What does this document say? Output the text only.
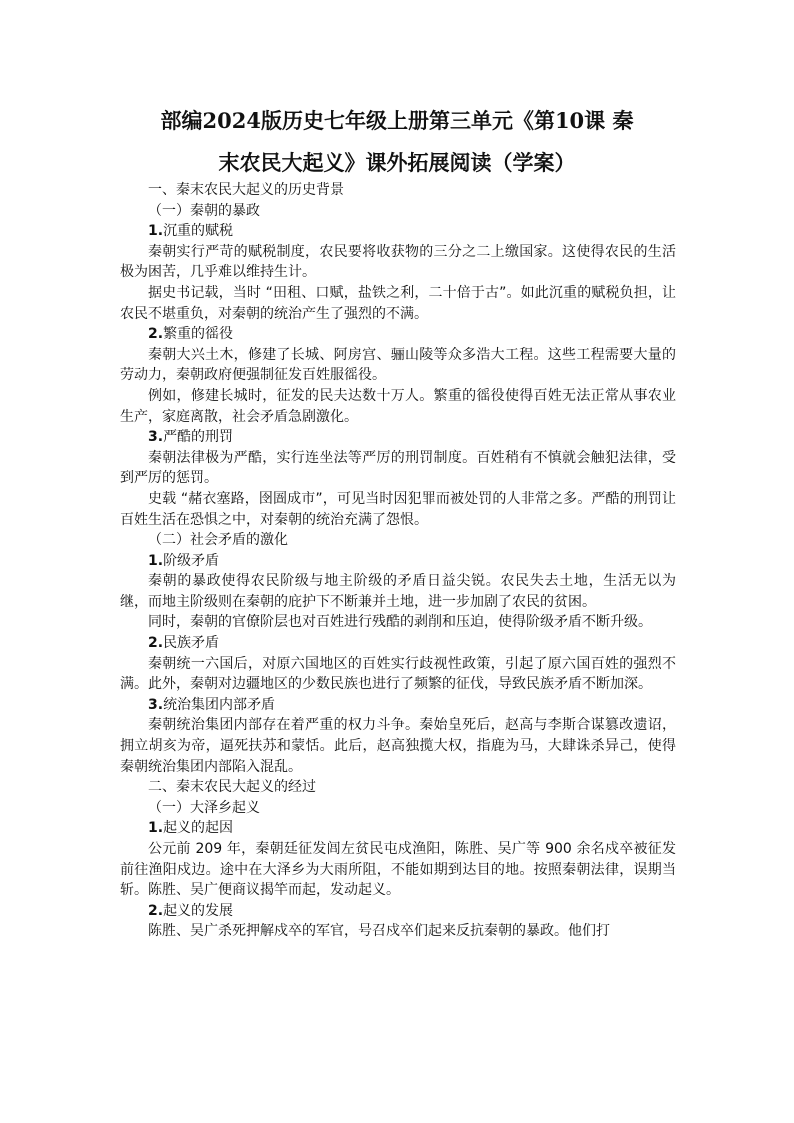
部编2024版历史七年级上册第三单元《第10课 秦
末农民大起义》课外拓展阅读（学案）

一、秦末农民大起义的历史背景

（一）秦朝的暴政

1.沉重的赋税

秦朝实行严苛的赋税制度，农民要将收获物的三分之二上缴国家。这使得农民的生活极为困苦，几乎难以维持生计。

据史书记载，当时 “田租、口赋，盐铁之利，二十倍于古”。如此沉重的赋税负担，让农民不堪重负，对秦朝的统治产生了强烈的不满。

2.繁重的徭役

秦朝大兴土木，修建了长城、阿房宫、骊山陵等众多浩大工程。这些工程需要大量的劳动力，秦朝政府便强制征发百姓服徭役。

例如，修建长城时，征发的民夫达数十万人。繁重的徭役使得百姓无法正常从事农业生产，家庭离散，社会矛盾急剧激化。

3.严酷的刑罚

秦朝法律极为严酷，实行连坐法等严厉的刑罚制度。百姓稍有不慎就会触犯法律，受到严厉的惩罚。

史载 “赭衣塞路，囹圄成市”，可见当时因犯罪而被处罚的人非常之多。严酷的刑罚让百姓生活在恐惧之中，对秦朝的统治充满了怨恨。

（二）社会矛盾的激化

1.阶级矛盾

秦朝的暴政使得农民阶级与地主阶级的矛盾日益尖锐。农民失去土地，生活无以为继，而地主阶级则在秦朝的庇护下不断兼并土地，进一步加剧了农民的贫困。

同时，秦朝的官僚阶层也对百姓进行残酷的剥削和压迫，使得阶级矛盾不断升级。

2.民族矛盾

秦朝统一六国后，对原六国地区的百姓实行歧视性政策，引起了原六国百姓的强烈不满。此外，秦朝对边疆地区的少数民族也进行了频繁的征伐，导致民族矛盾不断加深。

3.统治集团内部矛盾

秦朝统治集团内部存在着严重的权力斗争。秦始皇死后，赵高与李斯合谋篡改遗诏，拥立胡亥为帝，逼死扶苏和蒙恬。此后，赵高独揽大权，指鹿为马，大肆诛杀异己，使得秦朝统治集团内部陷入混乱。

二、秦末农民大起义的经过

（一）大泽乡起义

1.起义的起因

公元前 209 年，秦朝廷征发闾左贫民屯戍渔阳，陈胜、吴广等 900 余名戍卒被征发前往渔阳戍边。途中在大泽乡为大雨所阻，不能如期到达目的地。按照秦朝法律，误期当斩。陈胜、吴广便商议揭竿而起，发动起义。

2.起义的发展

陈胜、吴广杀死押解戍卒的军官，号召戍卒们起来反抗秦朝的暴政。他们打
